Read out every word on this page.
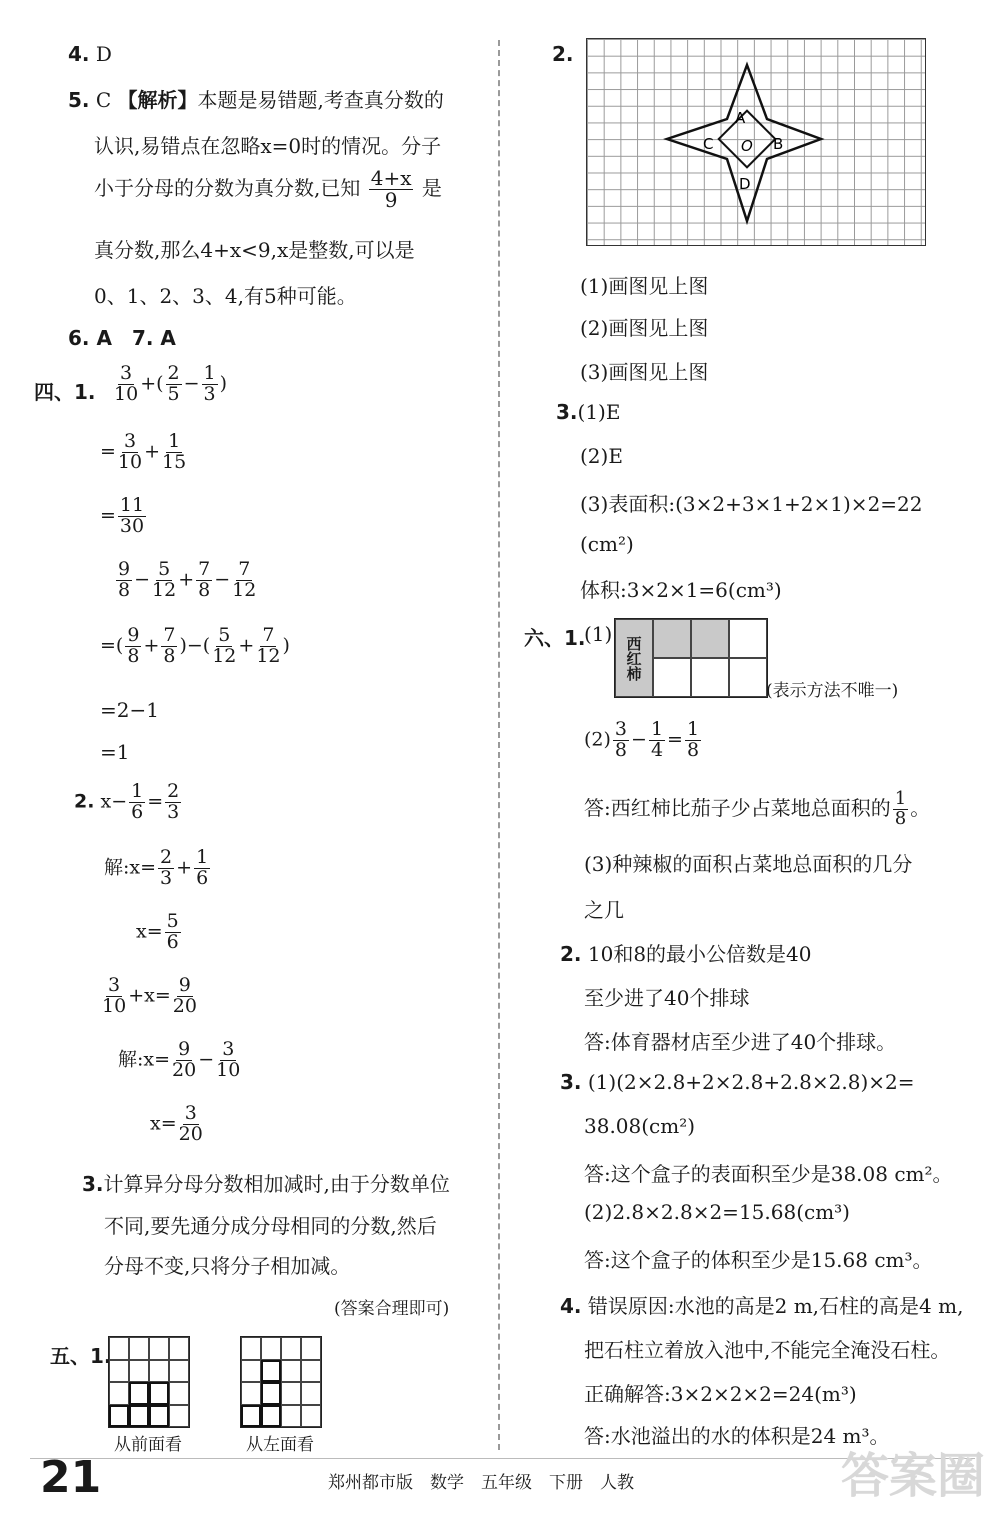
4. D
5. C 【解析】本题是易错题,考查真分数的
认识,易错点在忽略x=0时的情况。分子
小于分母的分数为真分数,已知 $\frac{4+x}{9}$ 是
真分数,那么4+x<9,x是整数,可以是
0、1、2、3、4,有5种可能。
6. A　7. A
四、1. $\frac{3}{10}$ +( $\frac{2}{5} - \frac{1}{3}$ )
= $\frac{3}{10} + \frac{1}{15}$
= $\frac{11}{30}$
$\frac{9}{8} - \frac{5}{12} + \frac{7}{8} - \frac{7}{12}$
=( $\frac{9}{8} + \frac{7}{8}$ )−( $\frac{5}{12} + \frac{7}{12}$ )
=2−1
=1
2. $x- \frac{1}{6} = \frac{2}{3}$
解:x= $\frac{2}{3} + \frac{1}{6}$
$x= \frac{5}{6}$
$\frac{3}{10} +x= \frac{9}{20}$
解:x= $\frac{9}{20} - \frac{3}{10}$
$x= \frac{3}{20}$
3.计算异分母分数相加减时,由于分数单位
不同,要先通分成分母相同的分数,然后
分母不变,只将分子相加减。
(答案合理即可)
五、1.
从前面看	从左面看
2.
A
B
C
D
O
(1)画图见上图
(2)画图见上图
(3)画图见上图
3.(1)E
(2)E
(3)表面积:(3×2+3×1+2×1)×2=22
(cm²)
体积:3×2×1=6(cm³)
六、1.
(1)
西红柿
(表示方法不唯一)
$(2) \frac{3}{8} - \frac{1}{4} = \frac{1}{8}$
答:西红柿比茄子少占菜地总面积的 $\frac{1}{8}$ 。
(3)种辣椒的面积占菜地总面积的几分
之几
2. 10和8的最小公倍数是40
至少进了40个排球
答:体育器材店至少进了40个排球。
3. (1)(2×2.8+2×2.8+2.8×2.8)×2=
38.08(cm²)
答:这个盒子的表面积至少是38.08 cm²。
(2)2.8×2.8×2=15.68(cm³)
答:这个盒子的体积至少是15.68 cm³。
4. 错误原因:水池的高是2 m,石柱的高是4 m,
把石柱立着放入池中,不能完全淹没石柱。
正确解答:3×2×2×2=24(m³)
答:水池溢出的水的体积是24 m³。
21	郑州都市版　数学　五年级　下册　人教	答案圈
